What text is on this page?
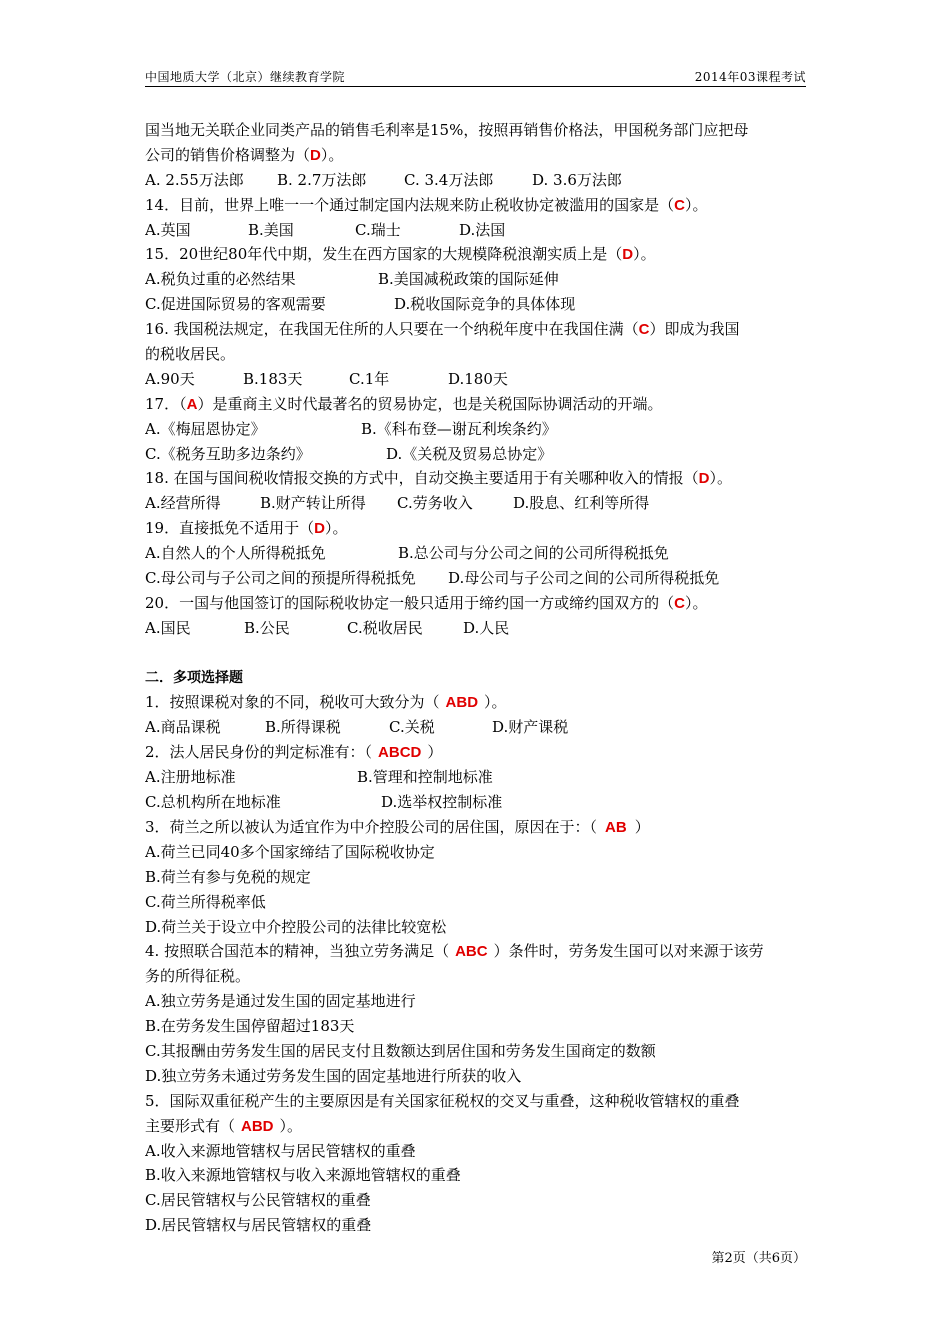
中国地质大学（北京）继续教育学院	2014年03课程考试
国当地无关联企业同类产品的销售毛利率是15%，按照再销售价格法，甲国税务部门应把母
公司的销售价格调整为（D）。
A. 2.55万法郎 B. 2.7万法郎	C. 3.4万法郎	D. 3.6万法郎
14．目前，世界上唯一一个通过制定国内法规来防止税收协定被滥用的国家是（C）。
A.英国	B.美国	C.瑞士	D.法国
15．20世纪80年代中期，发生在西方国家的大规模降税浪潮实质上是（D）。
A.税负过重的必然结果	B.美国减税政策的国际延伸
C.促进国际贸易的客观需要	D.税收国际竞争的具体体现
16. 我国税法规定，在我国无住所的人只要在一个纳税年度中在我国住满（C）即成为我国
的税收居民。
A.90天	B.183天	C.1年	D.180天
17．（A）是重商主义时代最著名的贸易协定，也是关税国际协调活动的开端。
A.《梅屈恩协定》	B.《科布登—谢瓦利埃条约》
C.《税务互助多边条约》	D.《关税及贸易总协定》
18. 在国与国间税收情报交换的方式中，自动交换主要适用于有关哪种收入的情报（D）。
A.经营所得	B.财产转让所得 C.劳务收入	D.股息、红利等所得
19．直接抵免不适用于（D）。
A.自然人的个人所得税抵免	B.总公司与分公司之间的公司所得税抵免
C.母公司与子公司之间的预提所得税抵免 D.母公司与子公司之间的公司所得税抵免
20．一国与他国签订的国际税收协定一般只适用于缔约国一方或缔约国双方的（C）。
A.国民	B.公民	C.税收居民	D.人民
二．多项选择题
1．按照课税对象的不同，税收可大致分为（ ABD ）。
A.商品课税	B.所得课税	C.关税	D.财产课税
2．法人居民身份的判定标准有：（ ABCD ）
A.注册地标准	B.管理和控制地标准
C.总机构所在地标准	D.选举权控制标准
3．荷兰之所以被认为适宜作为中介控股公司的居住国，原因在于：（ AB ）
A.荷兰已同40多个国家缔结了国际税收协定
B.荷兰有参与免税的规定
C.荷兰所得税率低
D.荷兰关于设立中介控股公司的法律比较宽松
4. 按照联合国范本的精神，当独立劳务满足（ ABC ）条件时，劳务发生国可以对来源于该劳
务的所得征税。
A.独立劳务是通过发生国的固定基地进行
B.在劳务发生国停留超过183天
C.其报酬由劳务发生国的居民支付且数额达到居住国和劳务发生国商定的数额
D.独立劳务未通过劳务发生国的固定基地进行所获的收入
5．国际双重征税产生的主要原因是有关国家征税权的交叉与重叠，这种税收管辖权的重叠
主要形式有（ ABD ）。
A.收入来源地管辖权与居民管辖权的重叠
B.收入来源地管辖权与收入来源地管辖权的重叠
C.居民管辖权与公民管辖权的重叠
D.居民管辖权与居民管辖权的重叠
第2页（共6页）
